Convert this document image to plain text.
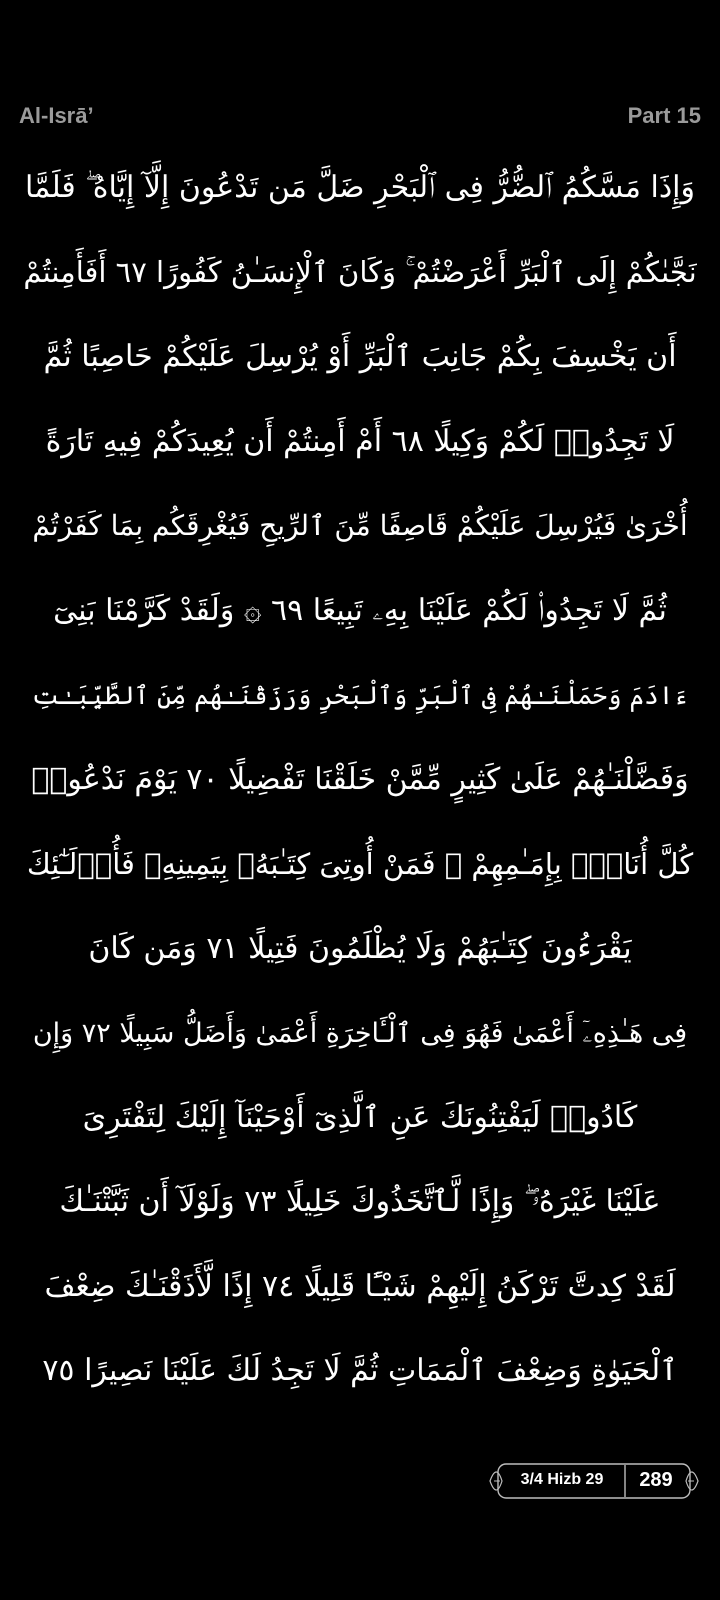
Al-Isrā’	Part 15
وَإِذَا مَسَّكُمُ ٱلضُّرُّ فِى ٱلْبَحْرِ ضَلَّ مَن تَدْعُونَ إِلَّآ إِيَّاهُ ۖ فَلَمَّا
نَجَّىٰكُمْ إِلَى ٱلْبَرِّ أَعْرَضْتُمْ ۚ وَكَانَ ٱلْإِنسَـٰنُ كَفُورًا ٦٧ أَفَأَمِنتُمْ
أَن يَخْسِفَ بِكُمْ جَانِبَ ٱلْبَرِّ أَوْ يُرْسِلَ عَلَيْكُمْ حَاصِبًا ثُمَّ
لَا تَجِدُوا۟ لَكُمْ وَكِيلًا ٦٨ أَمْ أَمِنتُمْ أَن يُعِيدَكُمْ فِيهِ تَارَةً
أُخْرَىٰ فَيُرْسِلَ عَلَيْكُمْ قَاصِفًا مِّنَ ٱلرِّيحِ فَيُغْرِقَكُم بِمَا كَفَرْتُمْ
ثُمَّ لَا تَجِدُوا۟ لَكُمْ عَلَيْنَا بِهِۦ تَبِيعًا ٦٩ ۞ وَلَقَدْ كَرَّمْنَا بَنِىٓ
ءَادَمَ وَحَمَلْنَـٰهُمْ فِى ٱلْبَرِّ وَٱلْبَحْرِ وَرَزَقْنَـٰهُم مِّنَ ٱلطَّيِّبَـٰتِ
وَفَضَّلْنَـٰهُمْ عَلَىٰ كَثِيرٍ مِّمَّنْ خَلَقْنَا تَفْضِيلًا ٧٠ يَوْمَ نَدْعُوا۟
كُلَّ أُنَاسٍۭ بِإِمَـٰمِهِمْ ۖ فَمَنْ أُوتِىَ كِتَـٰبَهُۥ بِيَمِينِهِۦ فَأُو۟لَـٰٓئِكَ
يَقْرَءُونَ كِتَـٰبَهُمْ وَلَا يُظْلَمُونَ فَتِيلًا ٧١ وَمَن كَانَ
فِى هَـٰذِهِۦٓ أَعْمَىٰ فَهُوَ فِى ٱلْـَٔاخِرَةِ أَعْمَىٰ وَأَضَلُّ سَبِيلًا ٧٢ وَإِن
كَادُوا۟ لَيَفْتِنُونَكَ عَنِ ٱلَّذِىٓ أَوْحَيْنَآ إِلَيْكَ لِتَفْتَرِىَ
عَلَيْنَا غَيْرَهُۥ ۖ وَإِذًا لَّٱتَّخَذُوكَ خَلِيلًا ٧٣ وَلَوْلَآ أَن ثَبَّتْنَـٰكَ
لَقَدْ كِدتَّ تَرْكَنُ إِلَيْهِمْ شَيْـًٔا قَلِيلًا ٧٤ إِذًا لَّأَذَقْنَـٰكَ ضِعْفَ
ٱلْحَيَوٰةِ وَضِعْفَ ٱلْمَمَاتِ ثُمَّ لَا تَجِدُ لَكَ عَلَيْنَا نَصِيرًا ٧٥
3/4 Hizb 29	289
